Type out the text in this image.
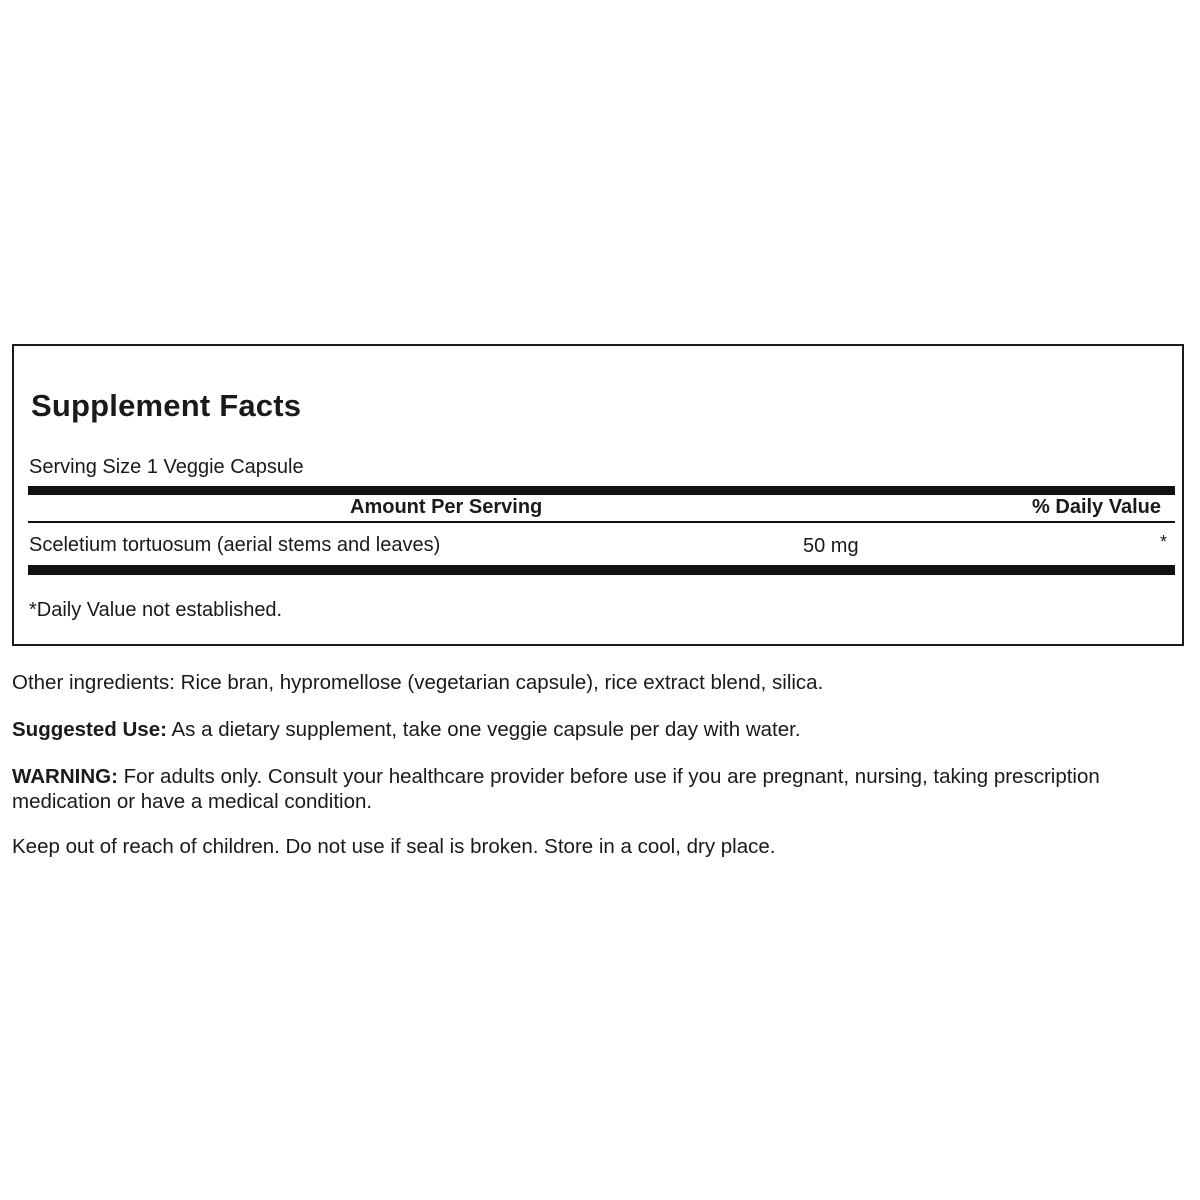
Supplement Facts
Serving Size 1 Veggie Capsule
Amount Per Serving	% Daily Value
Sceletium tortuosum (aerial stems and leaves)	50 mg	*
*Daily Value not established.
Other ingredients: Rice bran, hypromellose (vegetarian capsule), rice extract blend, silica.
Suggested Use: As a dietary supplement, take one veggie capsule per day with water.
WARNING: For adults only. Consult your healthcare provider before use if you are pregnant, nursing, taking prescription medication or have a medical condition.
Keep out of reach of children. Do not use if seal is broken. Store in a cool, dry place.
